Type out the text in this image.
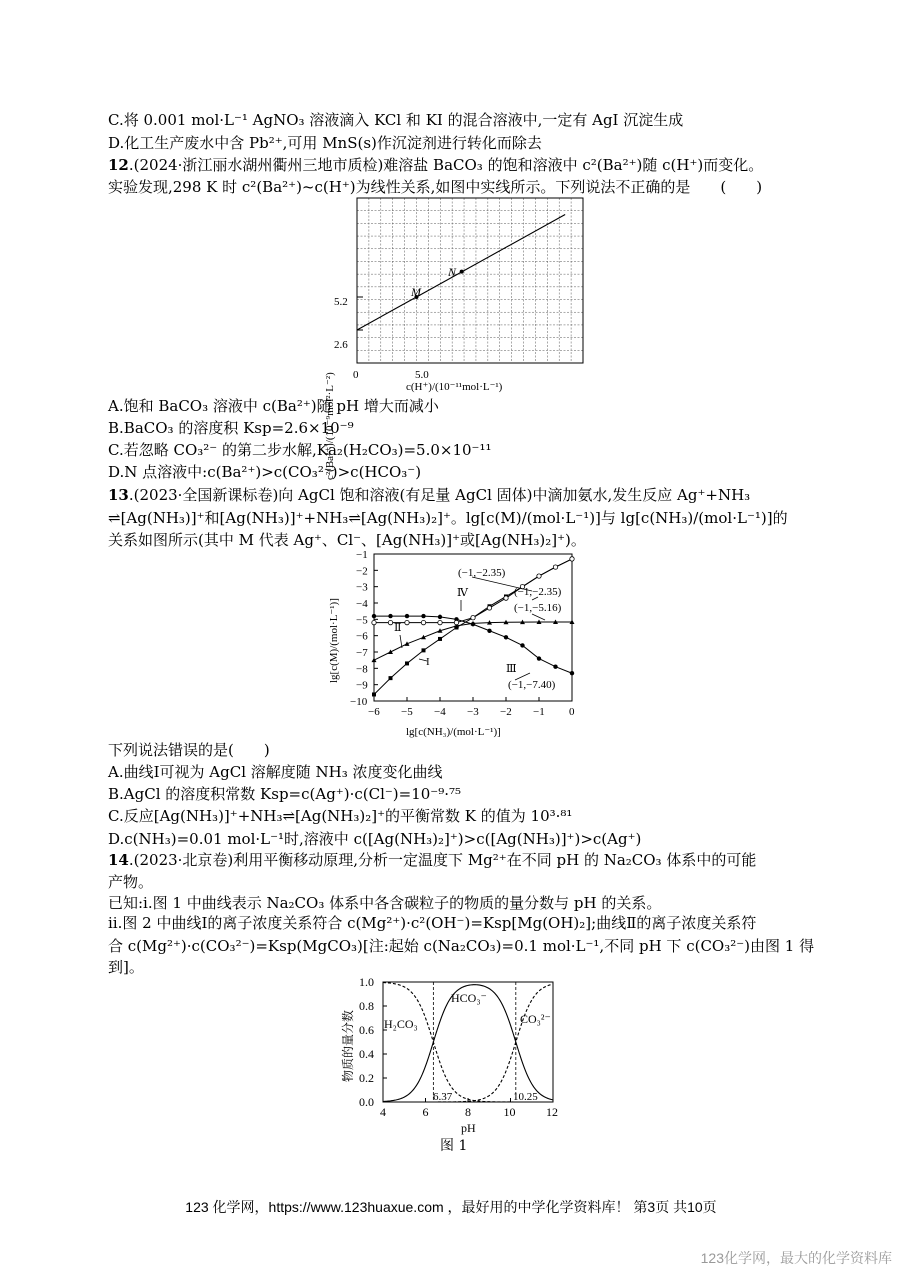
C.将 0.001 mol·L⁻¹ AgNO₃ 溶液滴入 KCl 和 KI 的混合溶液中,一定有 AgI 沉淀生成
D.化工生产废水中含 Pb²⁺,可用 MnS(s)作沉淀剂进行转化而除去
12.(2024·浙江丽水湖州衢州三地市质检)难溶盐 BaCO₃ 的饱和溶液中 c²(Ba²⁺)随 c(H⁺)而变化。
实验发现,298 K 时 c²(Ba²⁺)~c(H⁺)为线性关系,如图中实线所示。下列说法不正确的是　　(　　)
c²(Ba²⁺)/(10⁻⁹mol²·L⁻²)	c(H⁺)/(10⁻¹¹mol·L⁻¹)
0	5.0
2.6
5.2
M
N
A.饱和 BaCO₃ 溶液中 c(Ba²⁺)随 pH 增大而减小
B.BaCO₃ 的溶度积 Ksp=2.6×10⁻⁹
C.若忽略 CO₃²⁻ 的第二步水解,Ka₂(H₂CO₃)=5.0×10⁻¹¹
D.N 点溶液中:c(Ba²⁺)>c(CO₃²⁻)>c(HCO₃⁻)
13.(2023·全国新课标卷)向 AgCl 饱和溶液(有足量 AgCl 固体)中滴加氨水,发生反应 Ag⁺+NH₃
⇌[Ag(NH₃)]⁺和[Ag(NH₃)]⁺+NH₃⇌[Ag(NH₃)₂]⁺。lg[c(M)/(mol·L⁻¹)]与 lg[c(NH₃)/(mol·L⁻¹)]的
关系如图所示(其中 M 代表 Ag⁺、Cl⁻、[Ag(NH₃)]⁺或[Ag(NH₃)₂]⁺)。
−6 −5 −4 −3 −2 −1 0
−10
−9
−8
−7
−6
−5
−4
−3
−2
−1
lg[c(M)/(mol·L⁻¹)]
lg[c(NH₃)/(mol·L⁻¹)]
(−1,−2.35)
(−1,−2.35)
(−1,−5.16)
(−1,−7.40)
I
Ⅱ
Ⅲ
Ⅳ
下列说法错误的是(　　)
A.曲线Ⅰ可视为 AgCl 溶解度随 NH₃ 浓度变化曲线
B.AgCl 的溶度积常数 Ksp=c(Ag⁺)·c(Cl⁻)=10⁻⁹·⁷⁵
C.反应[Ag(NH₃)]⁺+NH₃⇌[Ag(NH₃)₂]⁺的平衡常数 K 的值为 10³·⁸¹
D.c(NH₃)=0.01 mol·L⁻¹时,溶液中 c([Ag(NH₃)₂]⁺)>c([Ag(NH₃)]⁺)>c(Ag⁺)
14.(2023·北京卷)利用平衡移动原理,分析一定温度下 Mg²⁺在不同 pH 的 Na₂CO₃ 体系中的可能
产物。
已知:ⅰ.图 1 中曲线表示 Na₂CO₃ 体系中各含碳粒子的物质的量分数与 pH 的关系。
ⅱ.图 2 中曲线Ⅰ的离子浓度关系符合 c(Mg²⁺)·c²(OH⁻)=Ksp[Mg(OH)₂];曲线Ⅱ的离子浓度关系符
合 c(Mg²⁺)·c(CO₃²⁻)=Ksp(MgCO₃)[注:起始 c(Na₂CO₃)=0.1 mol·L⁻¹,不同 pH 下 c(CO₃²⁻)由图 1 得
到]。
4	6	8	10	12
0.0
0.2
0.4
0.6
0.8
1.0
物质的量分数
pH
H₂CO₃
HCO₃⁻
CO₃²⁻
6.37	10.25
图 1
123 化学网，https://www.123huaxue.com ，最好用的中学化学资料库！ 第3页 共10页
123化学网，最大的化学资料库
